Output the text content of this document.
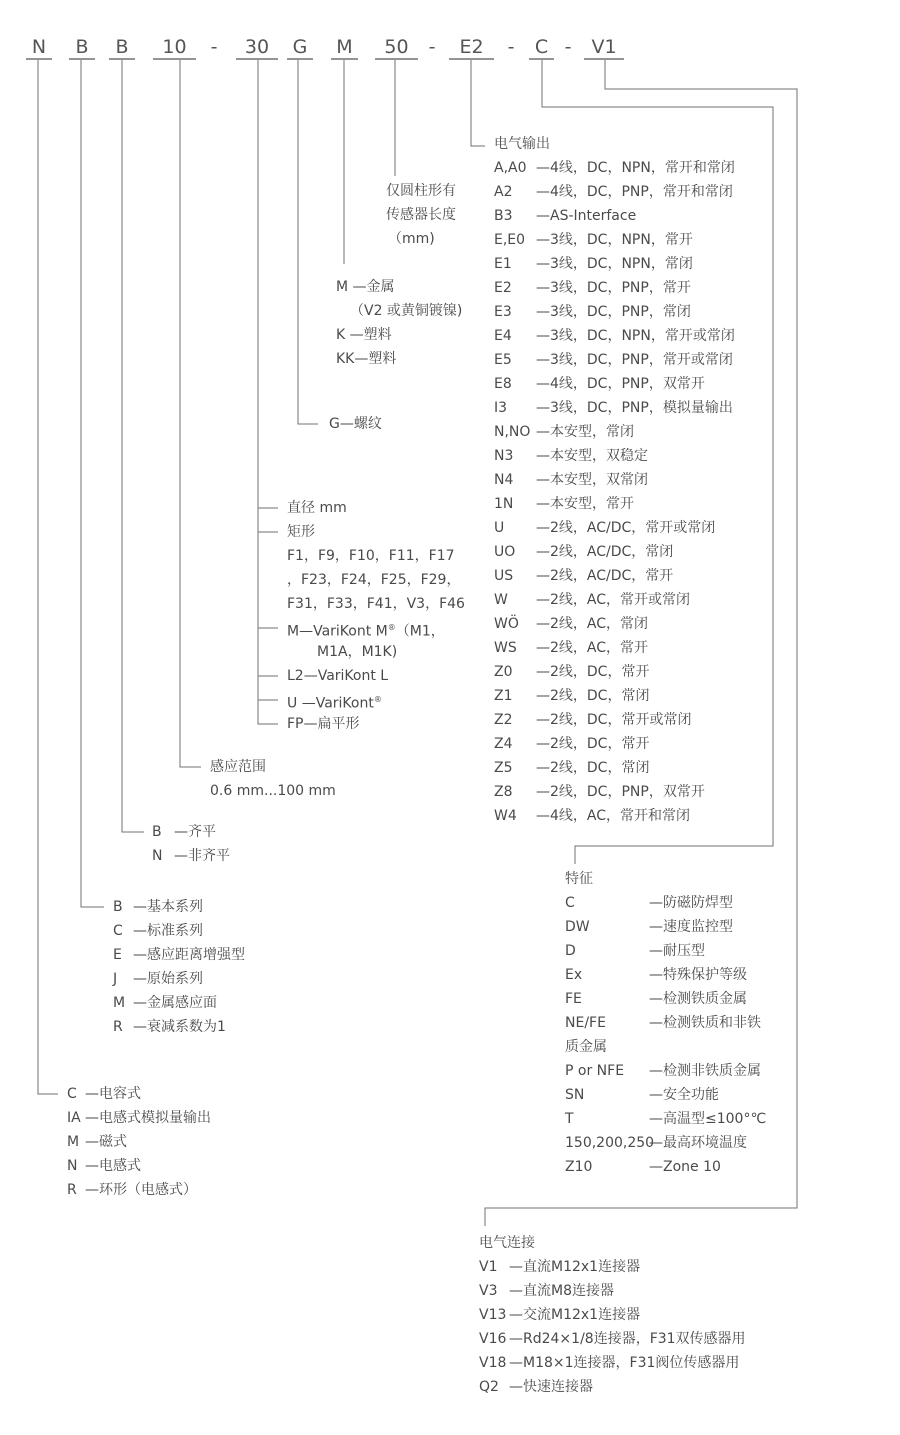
N	B	B	10	-	30	G M	50	-	E2	-	C -	V1
仅圆柱形有
传感器长度
（mm)
M —金属
（V2 或黄铜镀镍)
K —塑料
KK—塑料
G—螺纹
直径 mm
矩形
F1，F9，F10，F11，F17
，F23，F24，F25，F29，
F31，F33，F41，V3，F46
M—VariKont M®（M1，
M1A，M1K)
L2—VariKont L
U —VariKont®
FP—扁平形
感应范围
0.6 mm...100 mm
B —齐平
N —非齐平
B —基本系列
C —标准系列
E —感应距离增强型
J —原始系列
M —金属感应面
R —衰减系数为1
C —电容式
IA —电感式模拟量输出
M —磁式
N —电感式
R —环形（电感式）
电气输出
A,A0 —4线，DC，NPN，常开和常闭
A2 —4线，DC，PNP，常开和常闭
B3 —AS-Interface
E,E0 —3线，DC，NPN，常开
E1 —3线，DC，NPN，常闭
E2 —3线，DC，PNP，常开
E3 —3线，DC，PNP，常闭
E4 —3线，DC，NPN，常开或常闭
E5 —3线，DC，PNP，常开或常闭
E8 —4线，DC，PNP，双常开
I3 —3线，DC，PNP，模拟量输出
N,NO —本安型，常闭
N3 —本安型，双稳定
N4 —本安型，双常闭
1N —本安型，常开
U —2线，AC/DC，常开或常闭
UO —2线，AC/DC，常闭
US —2线，AC/DC，常开
W —2线，AC，常开或常闭
WÖ —2线，AC，常闭
WS —2线，AC，常开
Z0 —2线，DC，常开
Z1 —2线，DC，常闭
Z2 —2线，DC，常开或常闭
Z4 —2线，DC，常开
Z5 —2线，DC，常闭
Z8 —2线，DC，PNP，双常开
W4 —4线，AC，常开和常闭
特征
C	—防磁防焊型
DW	—速度监控型
D	—耐压型
Ex	—特殊保护等级
FE	—检测铁质金属
NE/FE	—检测铁质和非铁
质金属
P or NFE —检测非铁质金属
SN	—安全功能
T	—高温型≤100°℃
150,200,250—最高环境温度
Z10	—Zone 10
电气连接
V1 —直流M12x1连接器
V3 —直流M8连接器
V13 —交流M12x1连接器
V16 —Rd24×1/8连接器，F31双传感器用
V18 —M18×1连接器，F31阀位传感器用
Q2 —快速连接器
